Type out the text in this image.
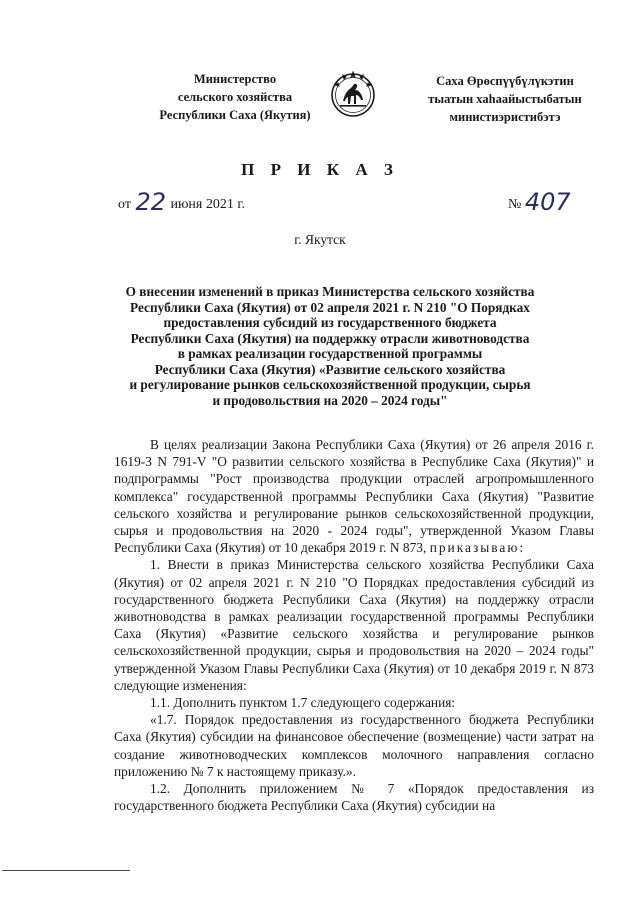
Министерство
сельского хозяйства
Республики Саха (Якутия)
Саха Өрөспүүбүлүкэтин
тыатын хаһаайыстыбатын
министиэристибэтэ
П Р И К А З
от 22 июня 2021 г.	№ 407
г. Якутск
О внесении изменений в приказ Министерства сельского хозяйства
Республики Саха (Якутия) от 02 апреля 2021 г. N 210 "О Порядках
предоставления субсидий из государственного бюджета
Республики Саха (Якутия) на поддержку отрасли животноводства
в рамках реализации государственной программы
Республики Саха (Якутия) «Развитие сельского хозяйства
и регулирование рынков сельскохозяйственной продукции, сырья
и продовольствия на 2020 – 2024 годы"

В целях реализации Закона Республики Саха (Якутия) от 26 апреля 2016 г. 1619-З N 791-V "О развитии сельского хозяйства в Республике Саха (Якутия)" и подпрограммы "Рост производства продукции отраслей агропромышленного комплекса" государственной программы Республики Саха (Якутия) "Развитие сельского хозяйства и регулирование рынков сельскохозяйственной продукции, сырья и продовольствия на 2020 - 2024 годы", утвержденной Указом Главы Республики Саха (Якутия) от 10 декабря 2019 г. N 873, приказываю:

1. Внести в приказ Министерства сельского хозяйства Республики Саха (Якутия) от 02 апреля 2021 г. N 210 "О Порядках предоставления субсидий из государственного бюджета Республики Саха (Якутия) на поддержку отрасли животноводства в рамках реализации государственной программы Республики Саха (Якутия) «Развитие сельского хозяйства и регулирование рынков сельскохозяйственной продукции, сырья и продовольствия на 2020 – 2024 годы" утвержденной Указом Главы Республики Саха (Якутия) от 10 декабря 2019 г. N 873 следующие изменения:

1.1. Дополнить пунктом 1.7 следующего содержания:

«1.7. Порядок предоставления из государственного бюджета Республики Саха (Якутия) субсидии на финансовое обеспечение (возмещение) части затрат на создание животноводческих комплексов молочного направления согласно приложению № 7 к настоящему приказу.».

1.2. Дополнить приложением № 7 «Порядок предоставления из государственного бюджета Республики Саха (Якутия) субсидии на
